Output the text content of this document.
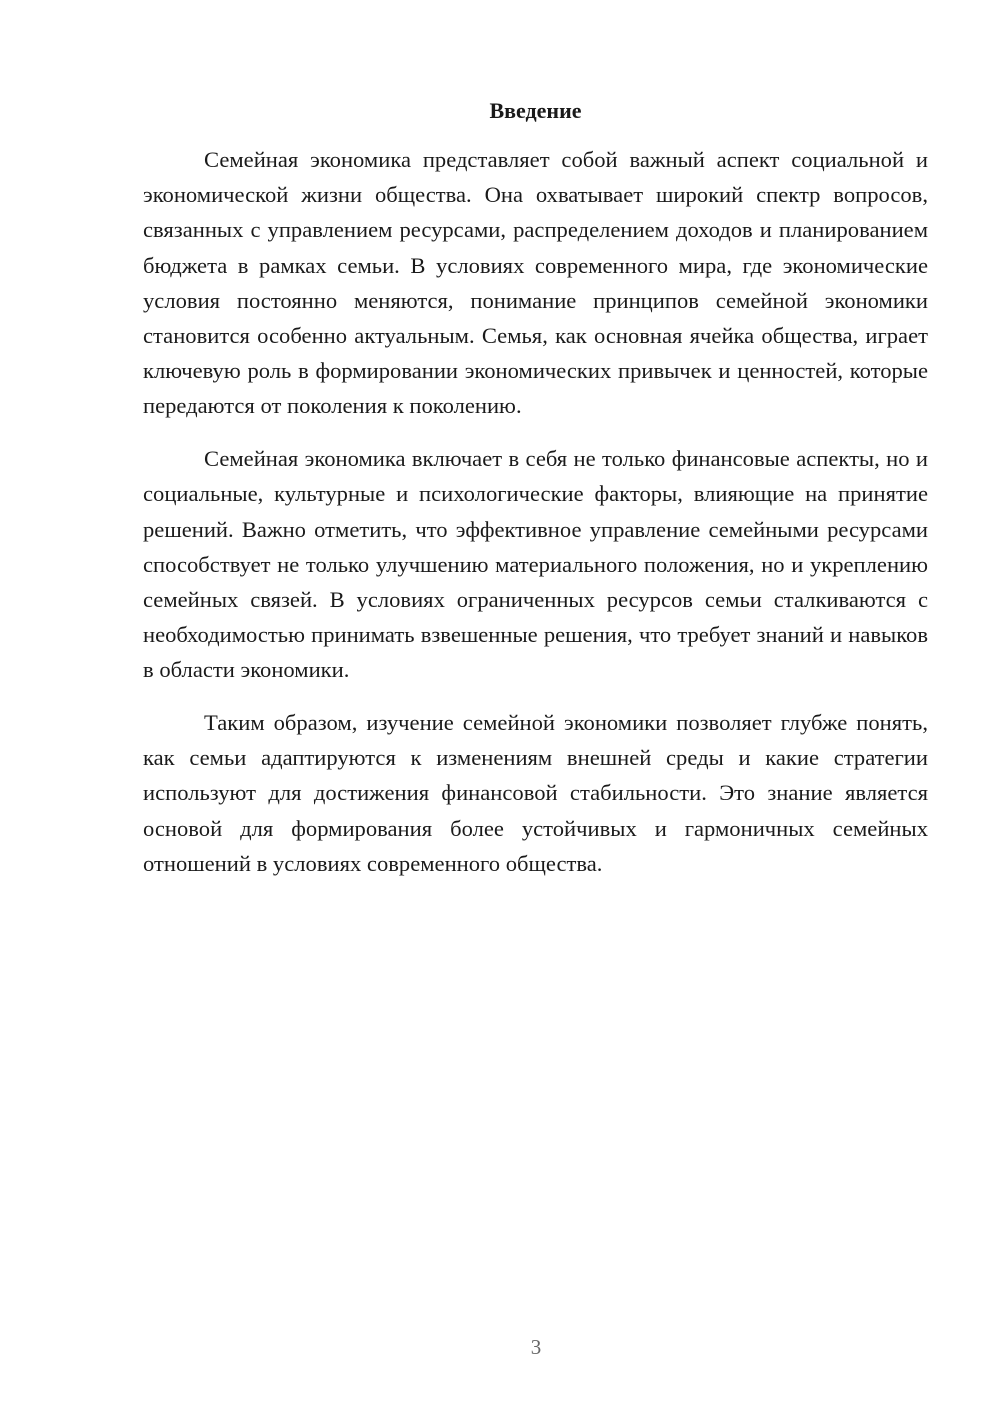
Введение

Семейная экономика представляет собой важный аспект социальной и экономической жизни общества. Она охватывает широкий спектр вопросов, связанных с управлением ресурсами, распределением доходов и планированием бюджета в рамках семьи. В условиях современного мира, где экономические условия постоянно меняются, понимание принципов семейной экономики становится особенно актуальным. Семья, как основная ячейка общества, играет ключевую роль в формировании экономических привычек и ценностей, которые передаются от поколения к поколению.

Семейная экономика включает в себя не только финансовые аспекты, но и социальные, культурные и психологические факторы, влияющие на принятие решений. Важно отметить, что эффективное управление семейными ресурсами способствует не только улучшению материального положения, но и укреплению семейных связей. В условиях ограниченных ресурсов семьи сталкиваются с необходимостью принимать взвешенные решения, что требует знаний и навыков в области экономики.

Таким образом, изучение семейной экономики позволяет глубже понять, как семьи адаптируются к изменениям внешней среды и какие стратегии используют для достижения финансовой стабильности. Это знание является основой для формирования более устойчивых и гармоничных семейных отношений в условиях современного общества.

3
